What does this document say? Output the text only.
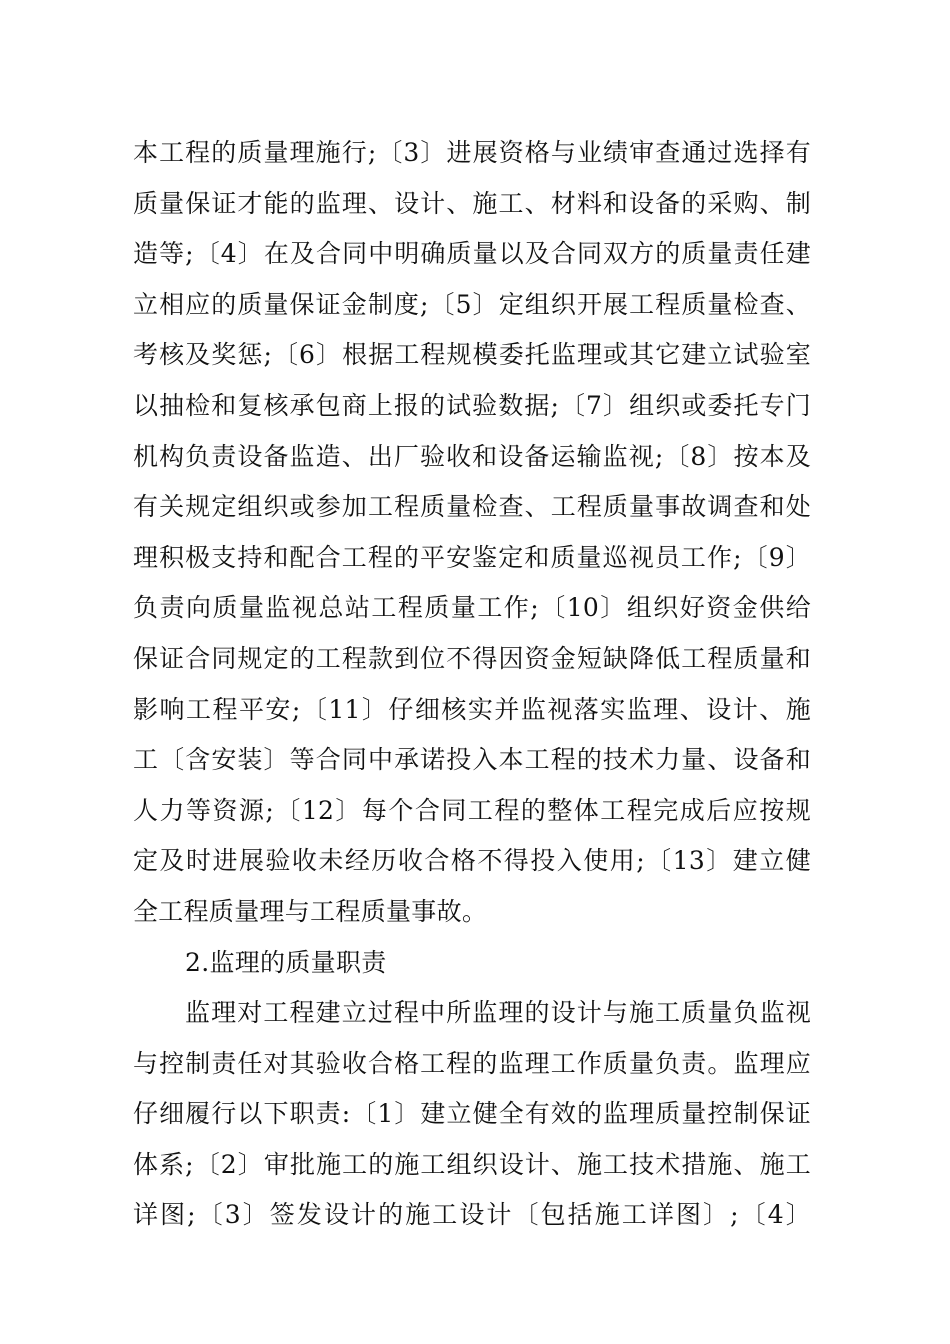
本工程的质量理施行;〔3〕进展资格与业绩审查通过选择有
质量保证才能的监理、设计、施工、材料和设备的采购、制
造等;〔4〕在及合同中明确质量以及合同双方的质量责任建
立相应的质量保证金制度;〔5〕定组织开展工程质量检查、
考核及奖惩;〔6〕根据工程规模委托监理或其它建立试验室
以抽检和复核承包商上报的试验数据;〔7〕组织或委托专门
机构负责设备监造、出厂验收和设备运输监视;〔8〕按本及
有关规定组织或参加工程质量检查、工程质量事故调查和处
理积极支持和配合工程的平安鉴定和质量巡视员工作;〔9〕
负责向质量监视总站工程质量工作;〔10〕组织好资金供给
保证合同规定的工程款到位不得因资金短缺降低工程质量和
影响工程平安;〔11〕仔细核实并监视落实监理、设计、施
工〔含安装〕等合同中承诺投入本工程的技术力量、设备和
人力等资源;〔12〕每个合同工程的整体工程完成后应按规
定及时进展验收未经历收合格不得投入使用;〔13〕建立健
全工程质量理与工程质量事故。
2.监理的质量职责
监理对工程建立过程中所监理的设计与施工质量负监视
与控制责任对其验收合格工程的监理工作质量负责。监理应
仔细履行以下职责:〔1〕建立健全有效的监理质量控制保证
体系;〔2〕审批施工的施工组织设计、施工技术措施、施工
详图;〔3〕签发设计的施工设计〔包括施工详图〕;〔4〕
